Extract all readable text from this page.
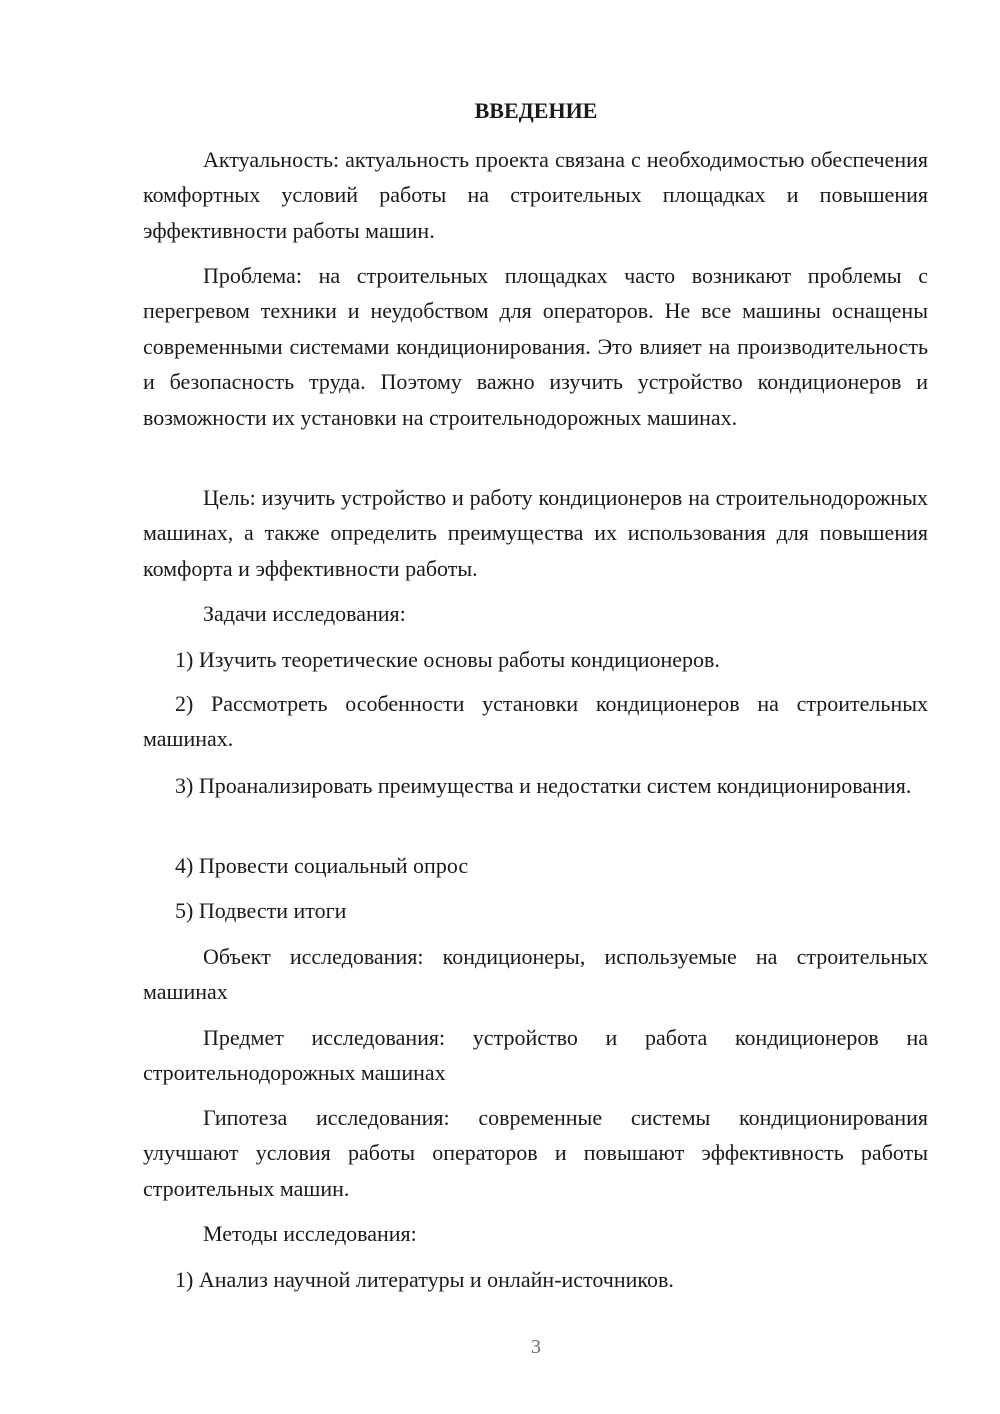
ВВЕДЕНИЕ

Актуальность: актуальность проекта связана с необходимостью обеспечения комфортных условий работы на строительных площадках и повышения эффективности работы машин.

Проблема: на строительных площадках часто возникают проблемы с перегревом техники и неудобством для операторов. Не все машины оснащены современными системами кондиционирования. Это влияет на производительность и безопасность труда. Поэтому важно изучить устройство кондиционеров и возможности их установки на строительнодорожных машинах.

Цель: изучить устройство и работу кондиционеров на строительнодорожных машинах, а также определить преимущества их использования для повышения комфорта и эффективности работы.

Задачи исследования:

1) Изучить теоретические основы работы кондиционеров.

2) Рассмотреть особенности установки кондиционеров на строительных машинах.

3) Проанализировать преимущества и недостатки систем кондиционирования.

4) Провести социальный опрос

5) Подвести итоги

Объект исследования: кондиционеры, используемые на строительных машинах

Предмет исследования: устройство и работа кондиционеров на строительнодорожных машинах

Гипотеза исследования: современные системы кондиционирования улучшают условия работы операторов и повышают эффективность работы строительных машин.

Методы исследования:

1) Анализ научной литературы и онлайн-источников.

3
